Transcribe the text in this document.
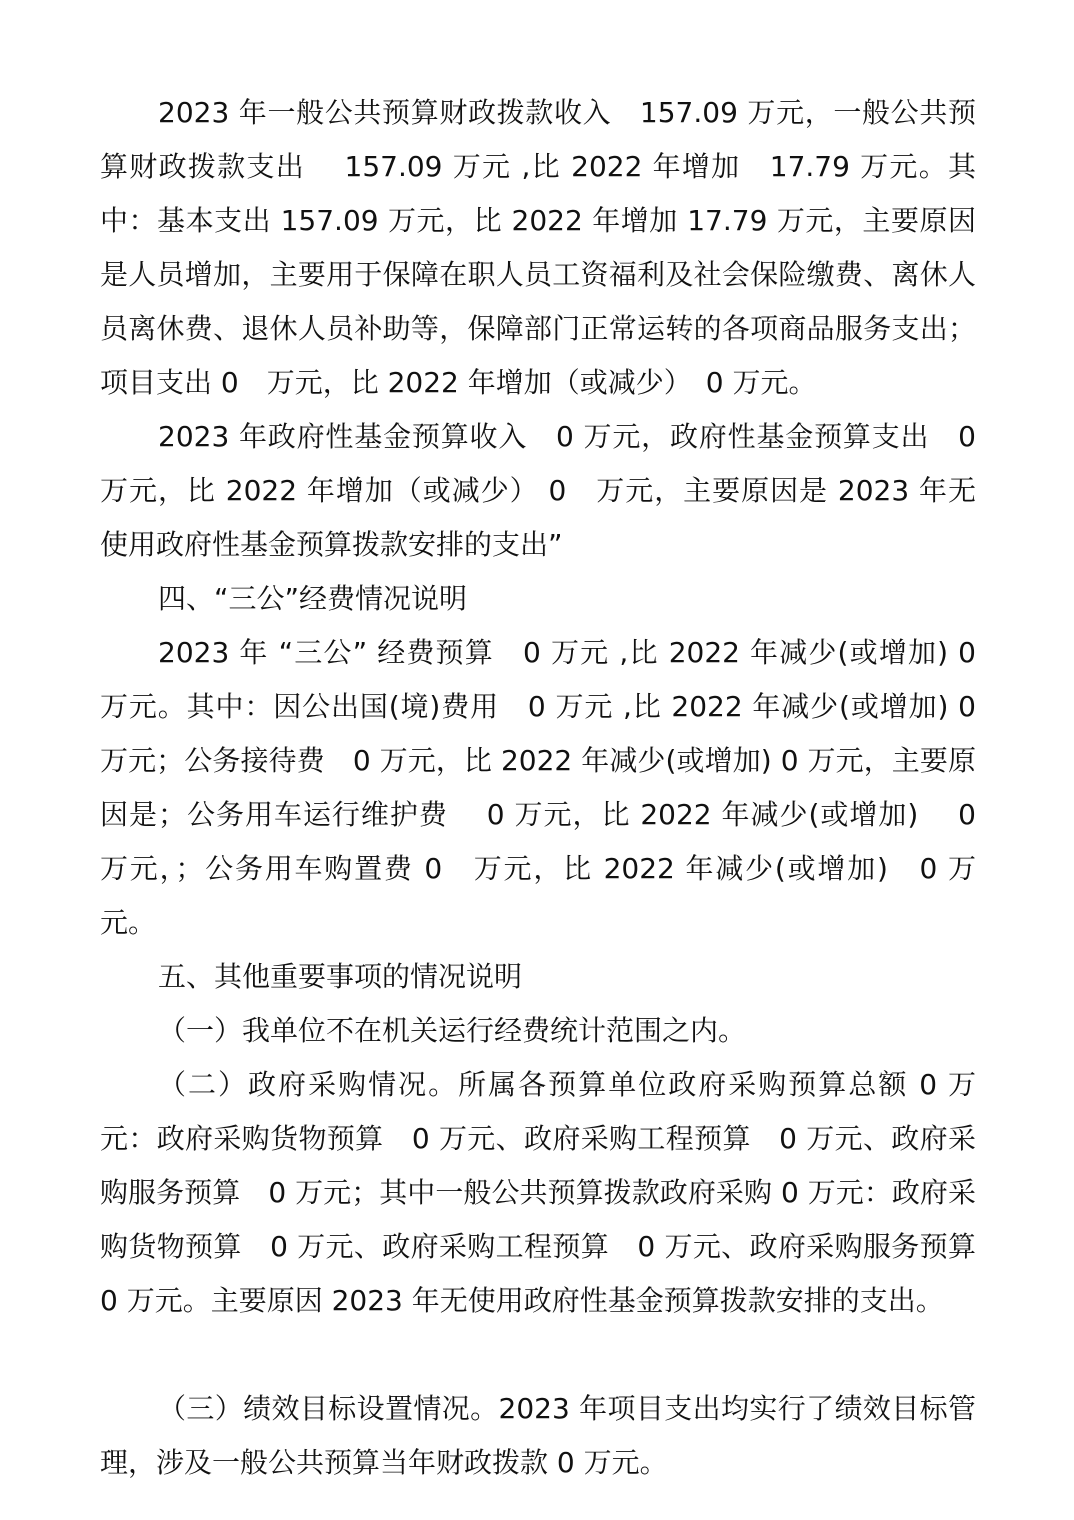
2023 年一般公共预算财政拨款收入　157.09 万元，一般公共预算财政拨款支出　 157.09 万元 ,比 2022 年增加　17.79 万元。其中：基本支出 157.09 万元，比 2022 年增加 17.79 万元，主要原因是人员增加，主要用于保障在职人员工资福利及社会保险缴费、离休人员离休费、退休人员补助等，保障部门正常运转的各项商品服务支出；项目支出 0　万元，比 2022 年增加（或减少）　0 万元。

2023 年政府性基金预算收入　0 万元，政府性基金预算支出　0 万元，比 2022 年增加（或减少） 0　万元，主要原因是 2023 年无使用政府性基金预算拨款安排的支出”

四、“三公”经费情况说明

2023 年 “三公” 经费预算　0 万元 ,比 2022 年减少(或增加) 0 万元。其中：因公出国(境)费用　0 万元 ,比 2022 年减少(或增加) 0 万元；公务接待费　0 万元，比 2022 年减少(或增加) 0 万元，主要原因是；公务用车运行维护费　 0 万元，比 2022 年减少(或增加)　 0 万元，；公务用车购置费 0　万元，比 2022 年减少(或增加)　0 万元。

五、其他重要事项的情况说明

（一）我单位不在机关运行经费统计范围之内。

（二）政府采购情况。所属各预算单位政府采购预算总额 0 万元：政府采购货物预算　0 万元、政府采购工程预算　0 万元、政府采购服务预算　0 万元；其中一般公共预算拨款政府采购 0 万元：政府采购货物预算　0 万元、政府采购工程预算　0 万元、政府采购服务预算　0 万元。主要原因 2023 年无使用政府性基金预算拨款安排的支出。

（三）绩效目标设置情况。2023 年项目支出均实行了绩效目标管理，涉及一般公共预算当年财政拨款 0 万元。
